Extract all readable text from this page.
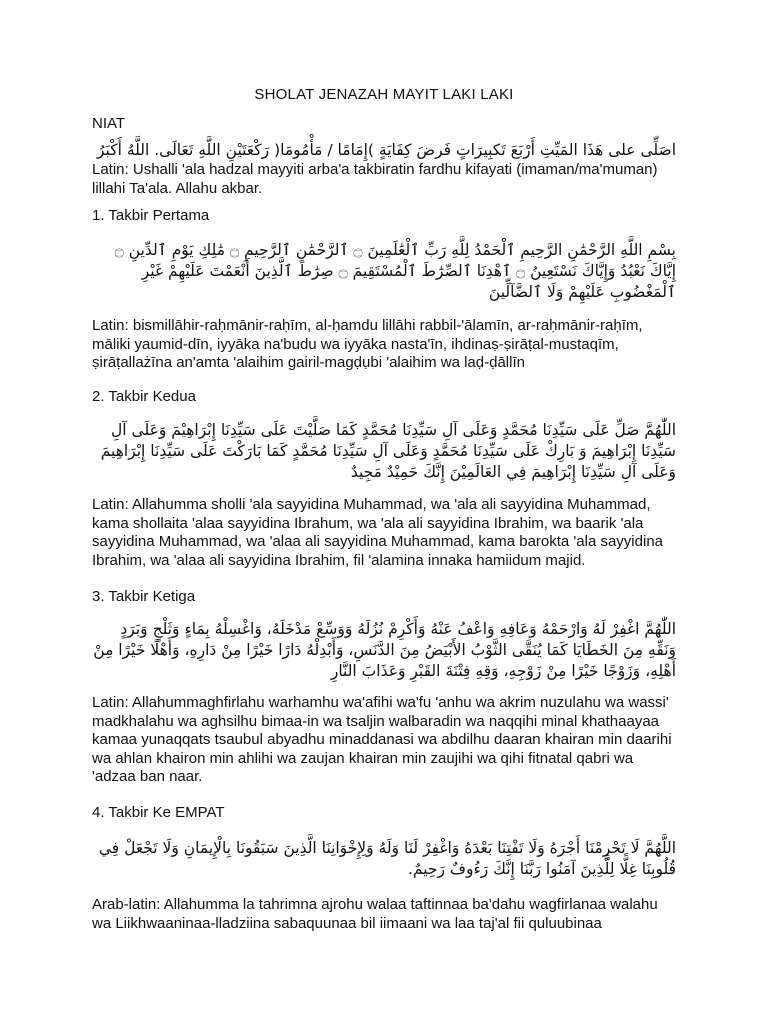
SHOLAT JENAZAH MAYIT LAKI LAKI
NIAT
اصَلِّى على هَذَا المَيِّتِ أَرْبَعَ تَكبِيرَاتٍ فَرضَ كِفَايَةٍ )إِمَامًا / مَأْمُومَا( رَكْعَتَيْنِ اللَّهِ تَعَالَى. اللَّهُ أَكْبَرُ
Latin: Ushalli 'ala hadzal mayyiti arba'a takbiratin fardhu kifayati (imaman/ma'muman) lillahi Ta'ala. Allahu akbar.
1. Takbir Pertama
بِسْمِ اللَّهِ الرَّحْمَٰنِ الرَّحِيمِ ٱلْحَمْدُ لِلَّهِ رَبِّ ٱلْعَٰلَمِينَ ۝ ٱلرَّحْمَٰنِ ٱلرَّحِيمِ ۝ مَٰلِكِ يَوْمِ ٱلدِّينِ ۝ إِيَّاكَ نَعْبُدُ وَإِيَّاكَ نَسْتَعِينُ ۝ ٱهْدِنَا ٱلصِّرَٰطَ ٱلْمُسْتَقِيمَ ۝ صِرَٰطَ ٱلَّذِينَ أَنْعَمْتَ عَلَيْهِمْ غَيْرِ ٱلْمَغْضُوبِ عَلَيْهِمْ وَلَا ٱلضَّآلِّينَ
Latin: bismillāhir-raḥmānir-raḥīm, al-ḥamdu lillāhi rabbil-'ālamīn, ar-raḥmānir-raḥīm, māliki yaumid-dīn, iyyāka na'budu wa iyyāka nasta'īn, ihdinaṣ-ṣirāṭal-mustaqīm, ṣirāṭallażīna an'amta 'alaihim gairil-magḍụbi 'alaihim wa laḍ-ḍāllīn
2. Takbir Kedua
اللّٰهُمَّ صَلِّ عَلَى سَيِّدِنَا مُحَمَّدٍ وَعَلَى آلِ سَيِّدِنَا مُحَمَّدٍ كَمَا صَلَّيْتَ عَلَى سَيِّدِنَا إِبْرَاهِيْمَ وَعَلَى آلِ سَيِّدِنَا إِبْرَاهِيمَ وَ بَارِكْ عَلَى سَيِّدِنَا مُحَمَّدٍ وَعَلَى آلِ سَيِّدِنَا مُحَمَّدٍ كَمَا بَارَكْتَ عَلَى سَيِّدِنَا إِبْرَاهِيمَ وَعَلَى آلِ سَيِّدِنَا إِبْرَاهِيمَ فِي العَالَمِيْنَ إِنَّكَ حَمِيْدٌ مَجِيدٌ
Latin: Allahumma sholli 'ala sayyidina Muhammad, wa 'ala ali sayyidina Muhammad, kama shollaita 'alaa sayyidina Ibrahum, wa 'ala ali sayyidina Ibrahim, wa baarik 'ala sayyidina Muhammad, wa 'alaa ali sayyidina Muhammad, kama barokta 'ala sayyidina Ibrahim, wa 'alaa ali sayyidina Ibrahim, fil 'alamina innaka hamiidum majid.
3. Takbir Ketiga
اللّٰهُمَّ اغْفِرْ لَهُ وَارْحَمْهُ وَعَافِهِ وَاعْفُ عَنْهُ وَأَكْرِمْ نُزُلَهُ وَوَسِّعْ مَدْخَلَهُ، وَاغْسِلْهُ بِمَاءٍ وَثَلْجٍ وَبَرَدٍ وَنَقِّهِ مِنَ الخَطَايَا كَمَا يُنَقَّى الثَّوْبُ الأَبْيَضُ مِنَ الدَّنَسِ، وَأَبْدِلْهُ دَارًا خَيْرًا مِنْ دَارِهِ، وَأَهْلًا خَيْرًا مِنْ أَهْلِهِ، وَزَوْجًا خَيْرًا مِنْ زَوْجِهِ، وَقِهِ فِتْنَةَ القَبْرِ وَعَذَابَ النَّارِ
Latin: Allahummaghfirlahu warhamhu wa'afihi wa'fu 'anhu wa akrim nuzulahu wa wassi' madkhalahu wa aghsilhu bimaa-in wa tsaljin walbaradin wa naqqihi minal khathaayaa kamaa yunaqqats tsaubul abyadhu minaddanasi wa abdilhu daaran khairan min daarihi wa ahlan khairon min ahlihi wa zaujan khairan min zaujihi wa qihi fitnatal qabri wa 'adzaa ban naar.
4. Takbir Ke EMPAT
اللَّهُمَّ لَا تَحْرِمْنَا أَجْرَهُ وَلَا تَفْتِنَا بَعْدَهُ وَاغْفِرْ لَنَا وَلَهُ وَلِإِخْوَانِنَا الَّذِينَ سَبَقُونَا بِالْإِيمَانِ وَلَا تَجْعَلْ فِي قُلُوبِنَا غِلًّا لِلَّذِينَ آمَنُوا رَبَّنَا إِنَّكَ رَءُوفٌ رَحِيمٌ.
Arab-latin: Allahumma la tahrimna ajrohu walaa taftinnaa ba'dahu wagfirlanaa walahu wa Liikhwaaninaa-lladziina sabaquunaa bil iimaani wa laa taj'al fii quluubinaa
